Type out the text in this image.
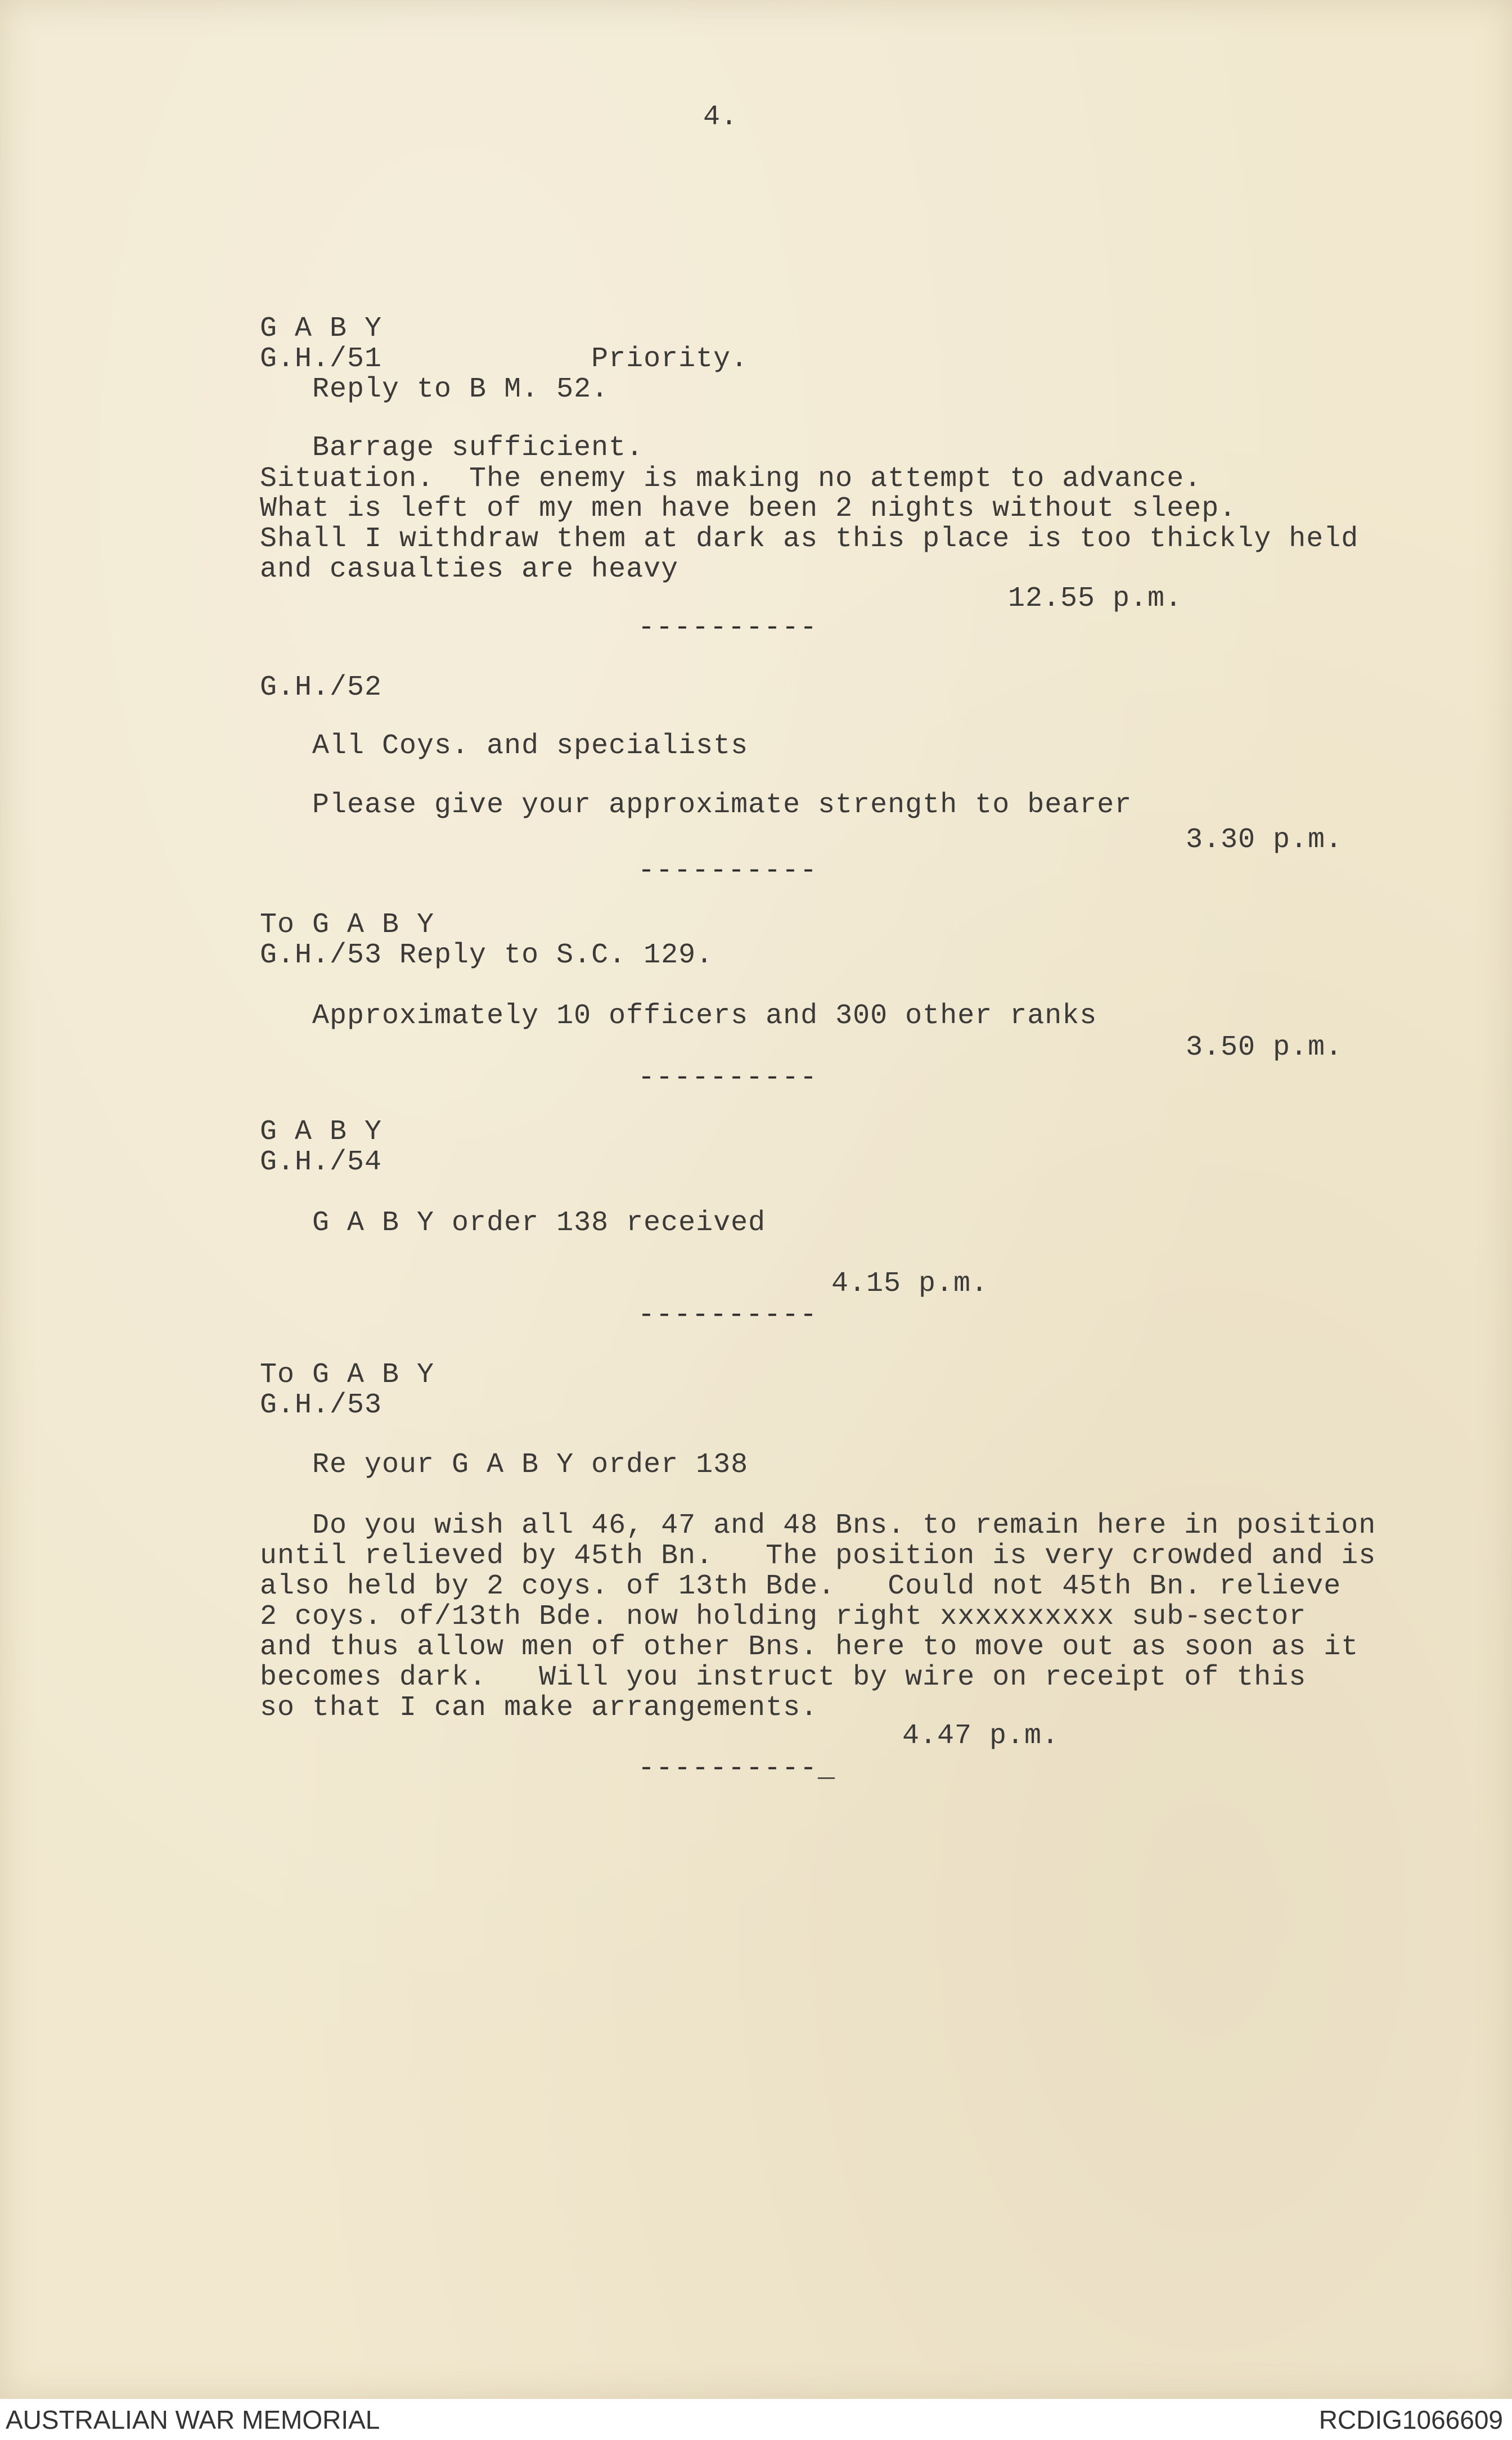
4.
G A B Y
G.H./51            Priority.
Reply to B M. 52.
Barrage sufficient.
Situation.  The enemy is making no attempt to advance.
What is left of my men have been 2 nights without sleep.
Shall I withdraw them at dark as this place is too thickly held
and casualties are heavy
12.55 p.m.
----------
G.H./52
All Coys. and specialists
Please give your approximate strength to bearer
3.30 p.m.
----------
To G A B Y
G.H./53 Reply to S.C. 129.
Approximately 10 officers and 300 other ranks
3.50 p.m.
----------
G A B Y
G.H./54
G A B Y order 138 received
4.15 p.m.
----------
To G A B Y
G.H./53
Re your G A B Y order 138
Do you wish all 46, 47 and 48 Bns. to remain here in position
until relieved by 45th Bn.   The position is very crowded and is
also held by 2 coys. of 13th Bde.   Could not 45th Bn. relieve
2 coys. of/13th Bde. now holding right xxxxxxxxxx sub-sector
and thus allow men of other Bns. here to move out as soon as it
becomes dark.   Will you instruct by wire on receipt of this
so that I can make arrangements.
4.47 p.m.
----------_
AUSTRALIAN WAR MEMORIAL	RCDIG1066609
